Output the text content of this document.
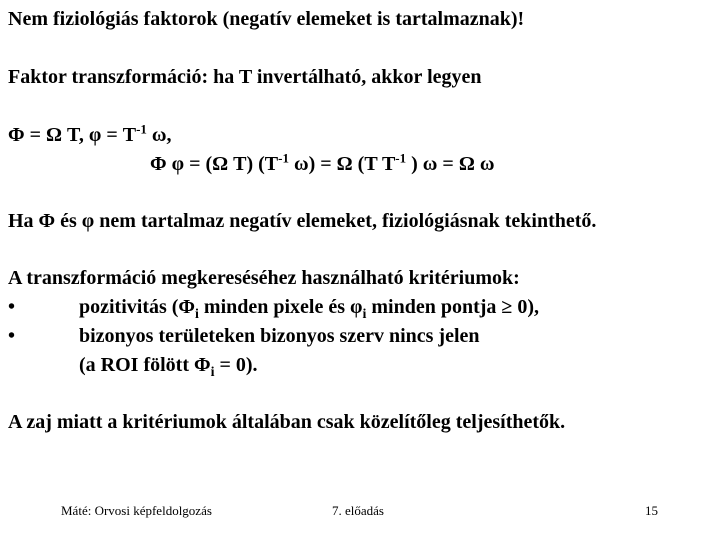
Nem fiziológiás faktorok (negatív elemeket is tartalmaznak)!
Faktor transzformáció: ha T invertálható, akkor legyen
Φ = Ω T, $\varphi = T^{-1}$ ω,
Φ φ = (Ω T) ($T^{-1}$ ω) = Ω (T $T^{-1}$ ) ω = Ω ω
Ha Φ és φ nem tartalmaz negatív elemeket, fiziológiásnak tekinthető.
A transzformáció megkereséséhez használható kritériumok:
•	pozitivitás ($\Phi_i$ minden pixele és $\varphi_i$ minden pontja ≥ 0),
•	bizonyos területeken bizonyos szerv nincs jelen
(a ROI fölött $\Phi_i = 0$).
A zaj miatt a kritériumok általában csak közelítőleg teljesíthetők.
Máté: Orvosi képfeldolgozás	7. előadás	15
